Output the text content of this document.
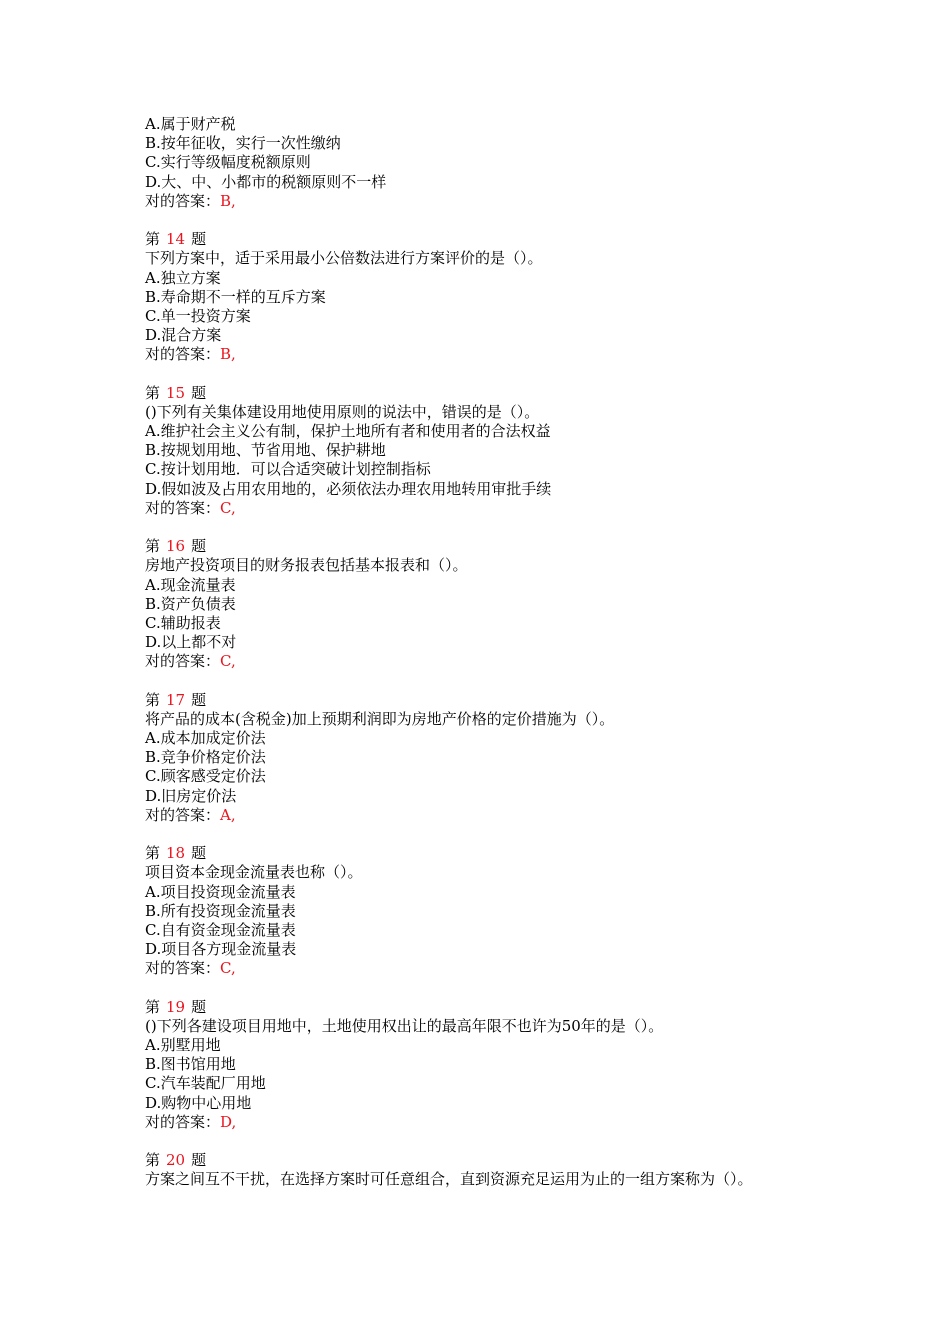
A.属于财产税
B.按年征收，实行一次性缴纳
C.实行等级幅度税额原则
D.大、中、小都市的税额原则不一样
对的答案：B,
第 14 题
下列方案中，适于采用最小公倍数法进行方案评价的是（）。
A.独立方案
B.寿命期不一样的互斥方案
C.单一投资方案
D.混合方案
对的答案：B,
第 15 题
()下列有关集体建设用地使用原则的说法中，错误的是（）。
A.维护社会主义公有制，保护土地所有者和使用者的合法权益
B.按规划用地、节省用地、保护耕地
C.按计划用地．可以合适突破计划控制指标
D.假如波及占用农用地的，必须依法办理农用地转用审批手续
对的答案：C,
第 16 题
房地产投资项目的财务报表包括基本报表和（）。
A.现金流量表
B.资产负债表
C.辅助报表
D.以上都不对
对的答案：C,
第 17 题
将产品的成本(含税金)加上预期利润即为房地产价格的定价措施为（）。
A.成本加成定价法
B.竞争价格定价法
C.顾客感受定价法
D.旧房定价法
对的答案：A,
第 18 题
项目资本金现金流量表也称（）。
A.项目投资现金流量表
B.所有投资现金流量表
C.自有资金现金流量表
D.项目各方现金流量表
对的答案：C,
第 19 题
()下列各建设项目用地中，土地使用权出让的最高年限不也许为50年的是（）。
A.别墅用地
B.图书馆用地
C.汽车装配厂用地
D.购物中心用地
对的答案：D,
第 20 题
方案之间互不干扰，在选择方案时可任意组合，直到资源充足运用为止的一组方案称为（）。
